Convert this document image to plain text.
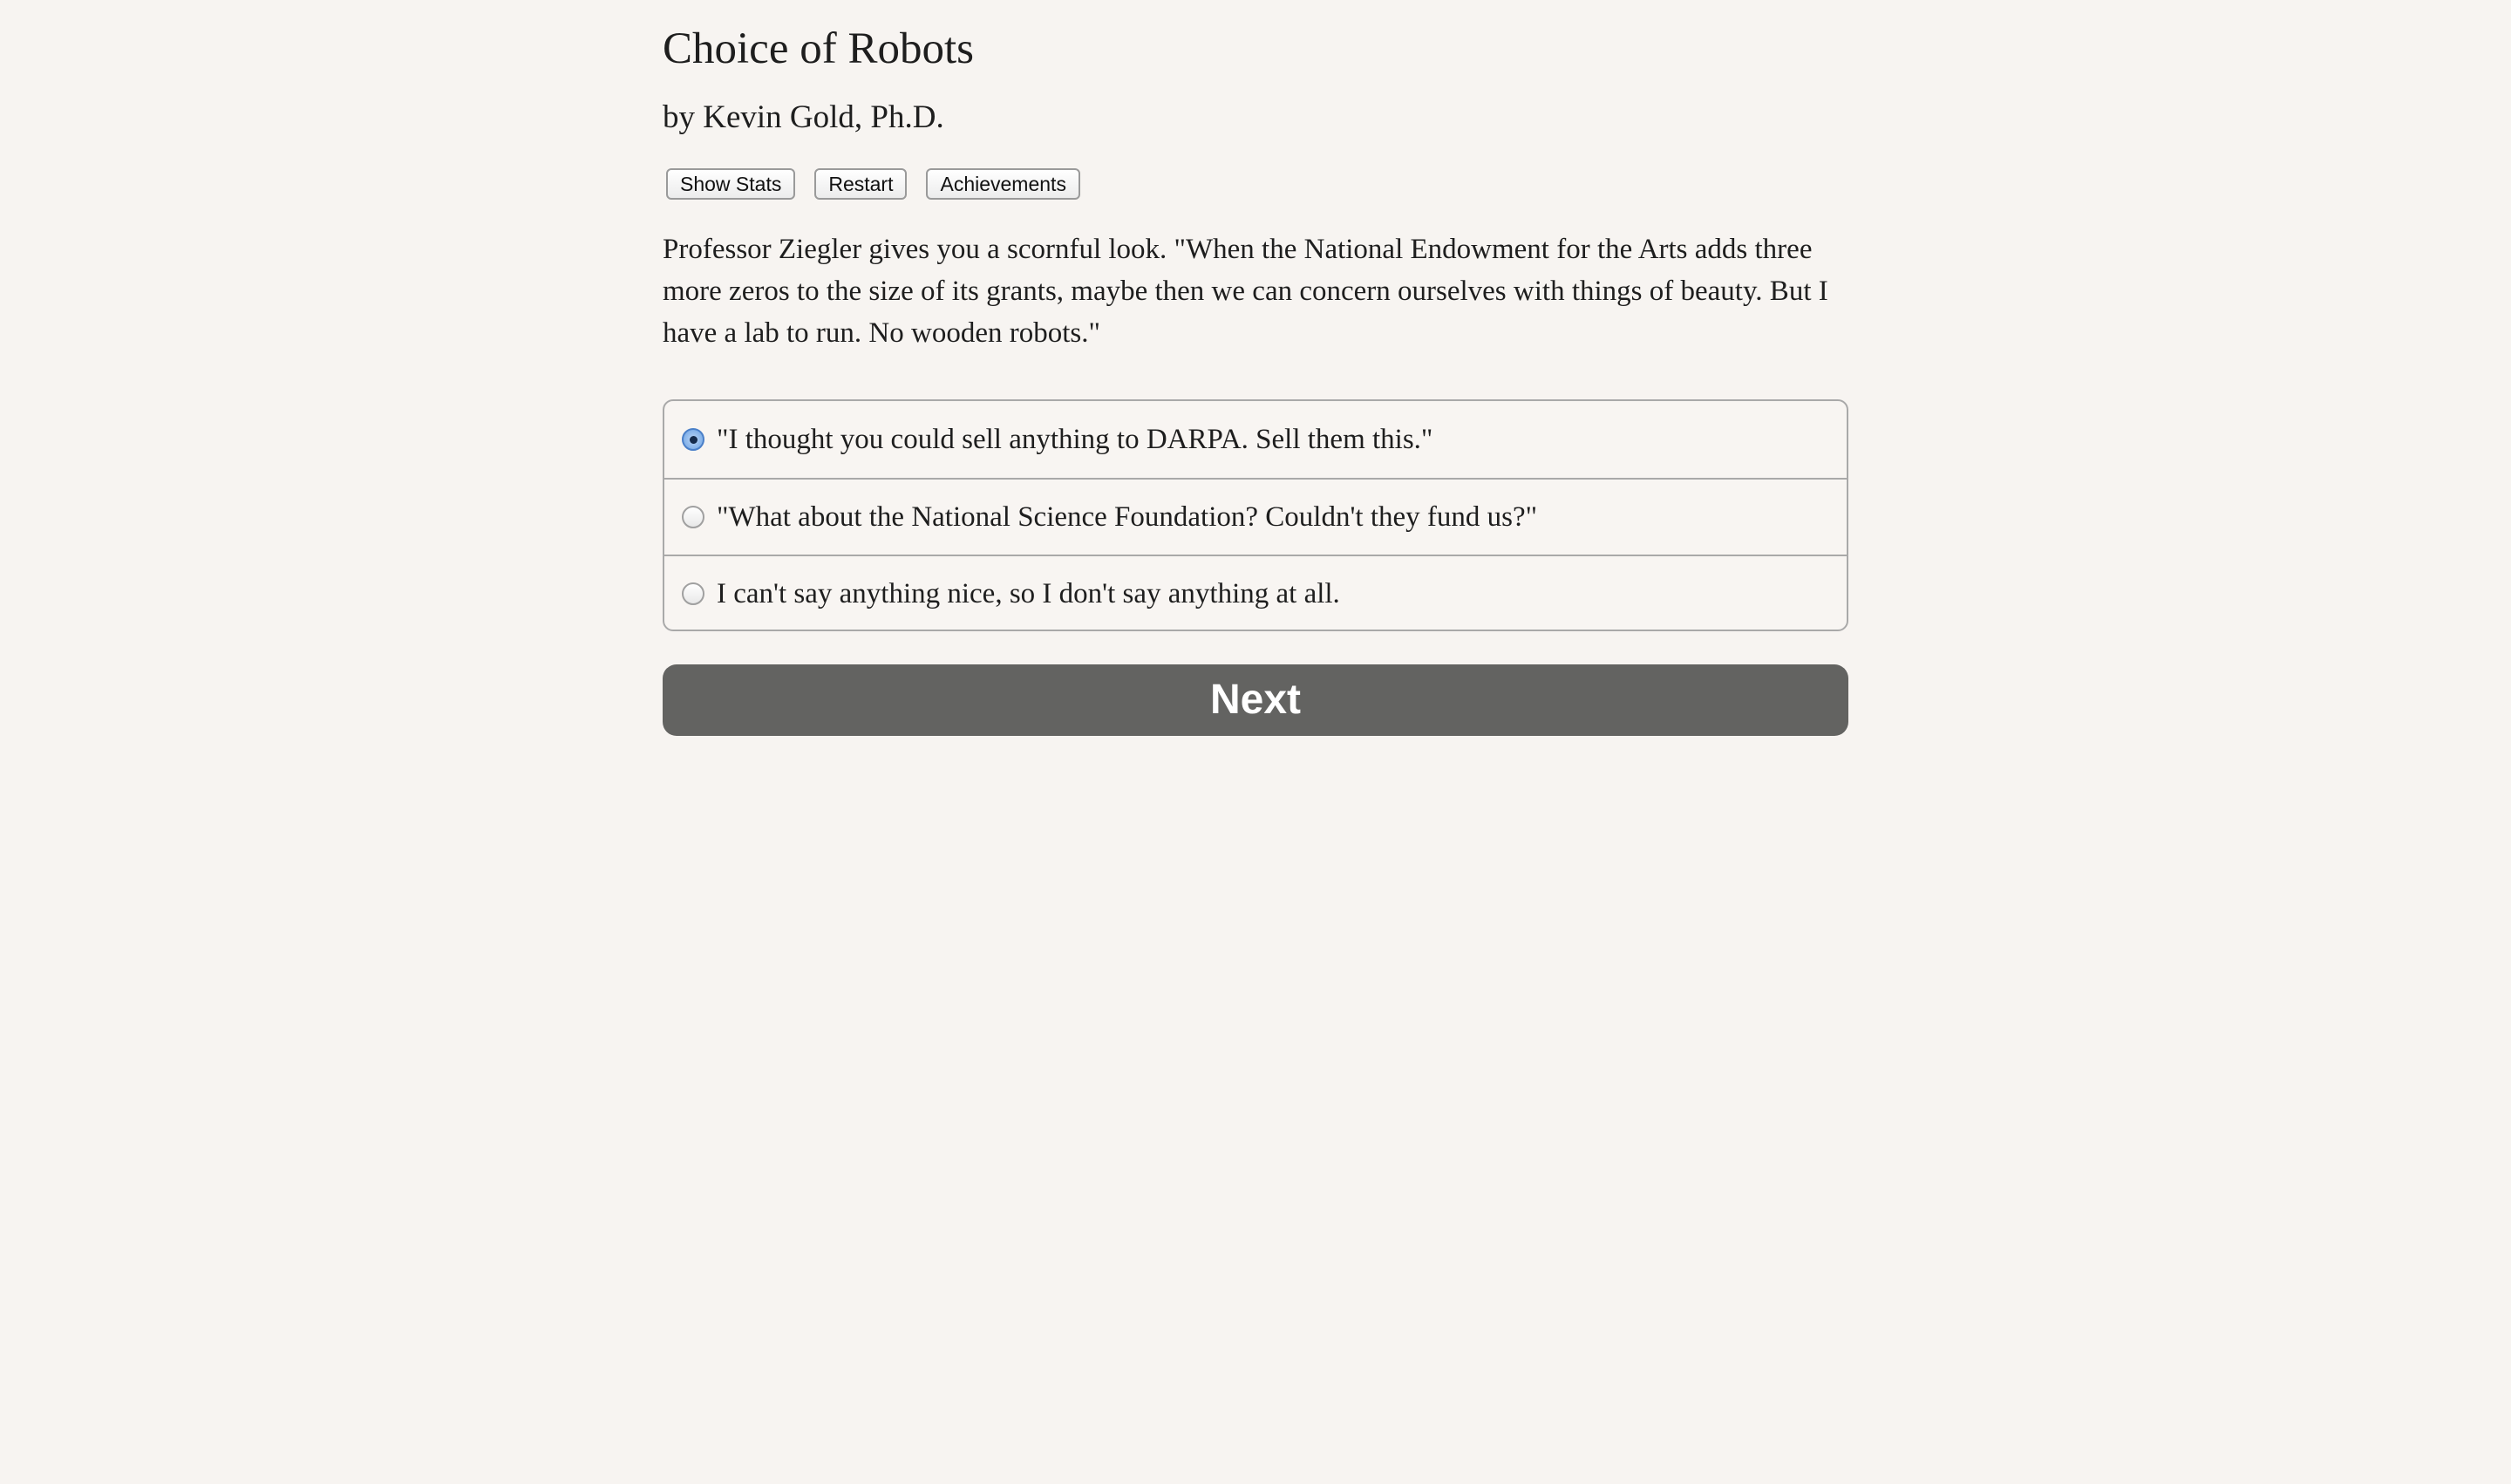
Choice of Robots
by Kevin Gold, Ph.D.
Show Stats	Restart	Achievements
Professor Ziegler gives you a scornful look. "When the National Endowment for the Arts adds three more zeros to the size of its grants, maybe then we can concern ourselves with things of beauty. But I have a lab to run. No wooden robots."
"I thought you could sell anything to DARPA. Sell them this."
"What about the National Science Foundation? Couldn't they fund us?"
I can't say anything nice, so I don't say anything at all.
Next
